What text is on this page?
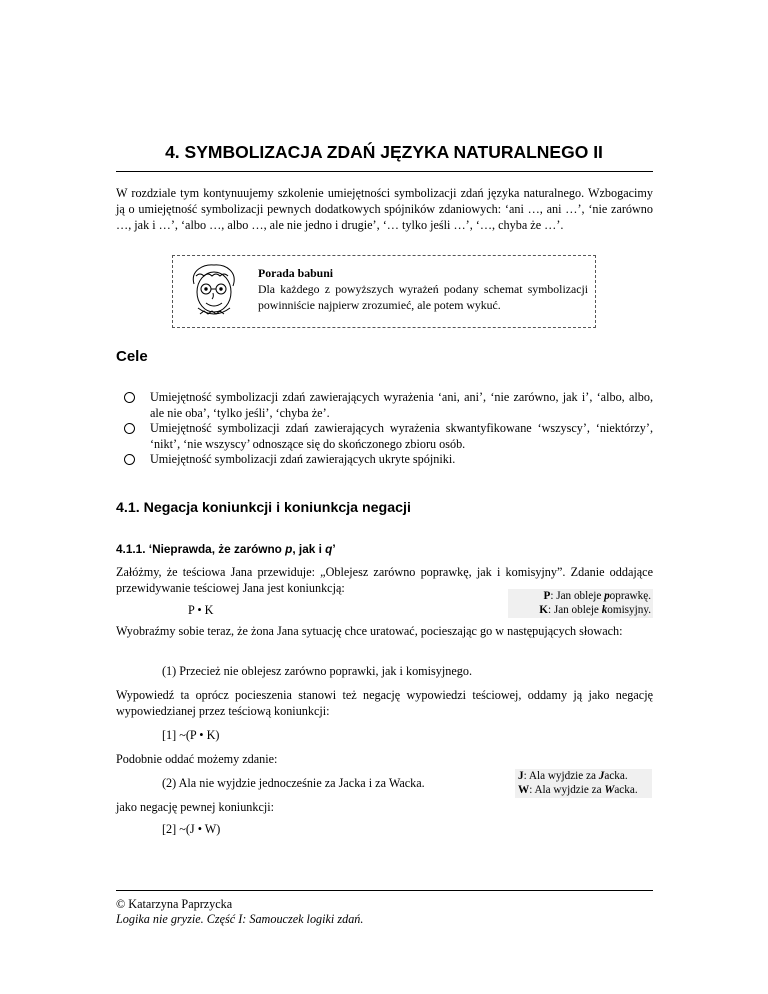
4. SYMBOLIZACJA ZDAŃ JĘZYKA NATURALNEGO II
W rozdziale tym kontynuujemy szkolenie umiejętności symbolizacji zdań języka naturalnego. Wzbogacimy ją o umiejętność symbolizacji pewnych dodatkowych spójników zdaniowych: ‘ani …, ani …’, ‘nie zarówno …, jak i …’, ‘albo …, albo …, ale nie jedno i drugie’, ‘… tylko jeśli …’, ‘…, chyba że …’.
Porada babuni
Dla każdego z powyższych wyrażeń podany schemat symbolizacji powinniście najpierw zrozumieć, ale potem wykuć.
Cele
Umiejętność symbolizacji zdań zawierających wyrażenia ‘ani, ani’, ‘nie zarówno, jak i’, ‘albo, albo, ale nie oba’, ‘tylko jeśli’, ‘chyba że’.
Umiejętność symbolizacji zdań zawierających wyrażenia skwantyfikowane ‘wszyscy’, ‘niektórzy’, ‘nikt’, ‘nie wszyscy’ odnoszące się do skończonego zbioru osób.
Umiejętność symbolizacji zdań zawierających ukryte spójniki.
4.1. Negacja koniunkcji i koniunkcja negacji
4.1.1. ‘Nieprawda, że zarówno p, jak i q’
Załóżmy, że teściowa Jana przewiduje: „Oblejesz zarówno poprawkę, jak i komisyjny”. Zdanie oddające przewidywanie teściowej Jana jest koniunkcją:
P • K
P: Jan obleje poprawkę.
K: Jan obleje komisyjny.
Wyobraźmy sobie teraz, że żona Jana sytuację chce uratować, pocieszając go w następujących słowach:
(1) Przecież nie oblejesz zarówno poprawki, jak i komisyjnego.
Wypowiedź ta oprócz pocieszenia stanowi też negację wypowiedzi teściowej, oddamy ją jako negację wypowiedzianej przez teściową koniunkcji:
[1] ~(P • K)
Podobnie oddać możemy zdanie:
(2) Ala nie wyjdzie jednocześnie za Jacka i za Wacka.	J: Ala wyjdzie za Jacka.
W: Ala wyjdzie za Wacka.
jako negację pewnej koniunkcji:
[2] ~(J • W)
© Katarzyna Paprzycka
Logika nie gryzie. Część I: Samouczek logiki zdań.
